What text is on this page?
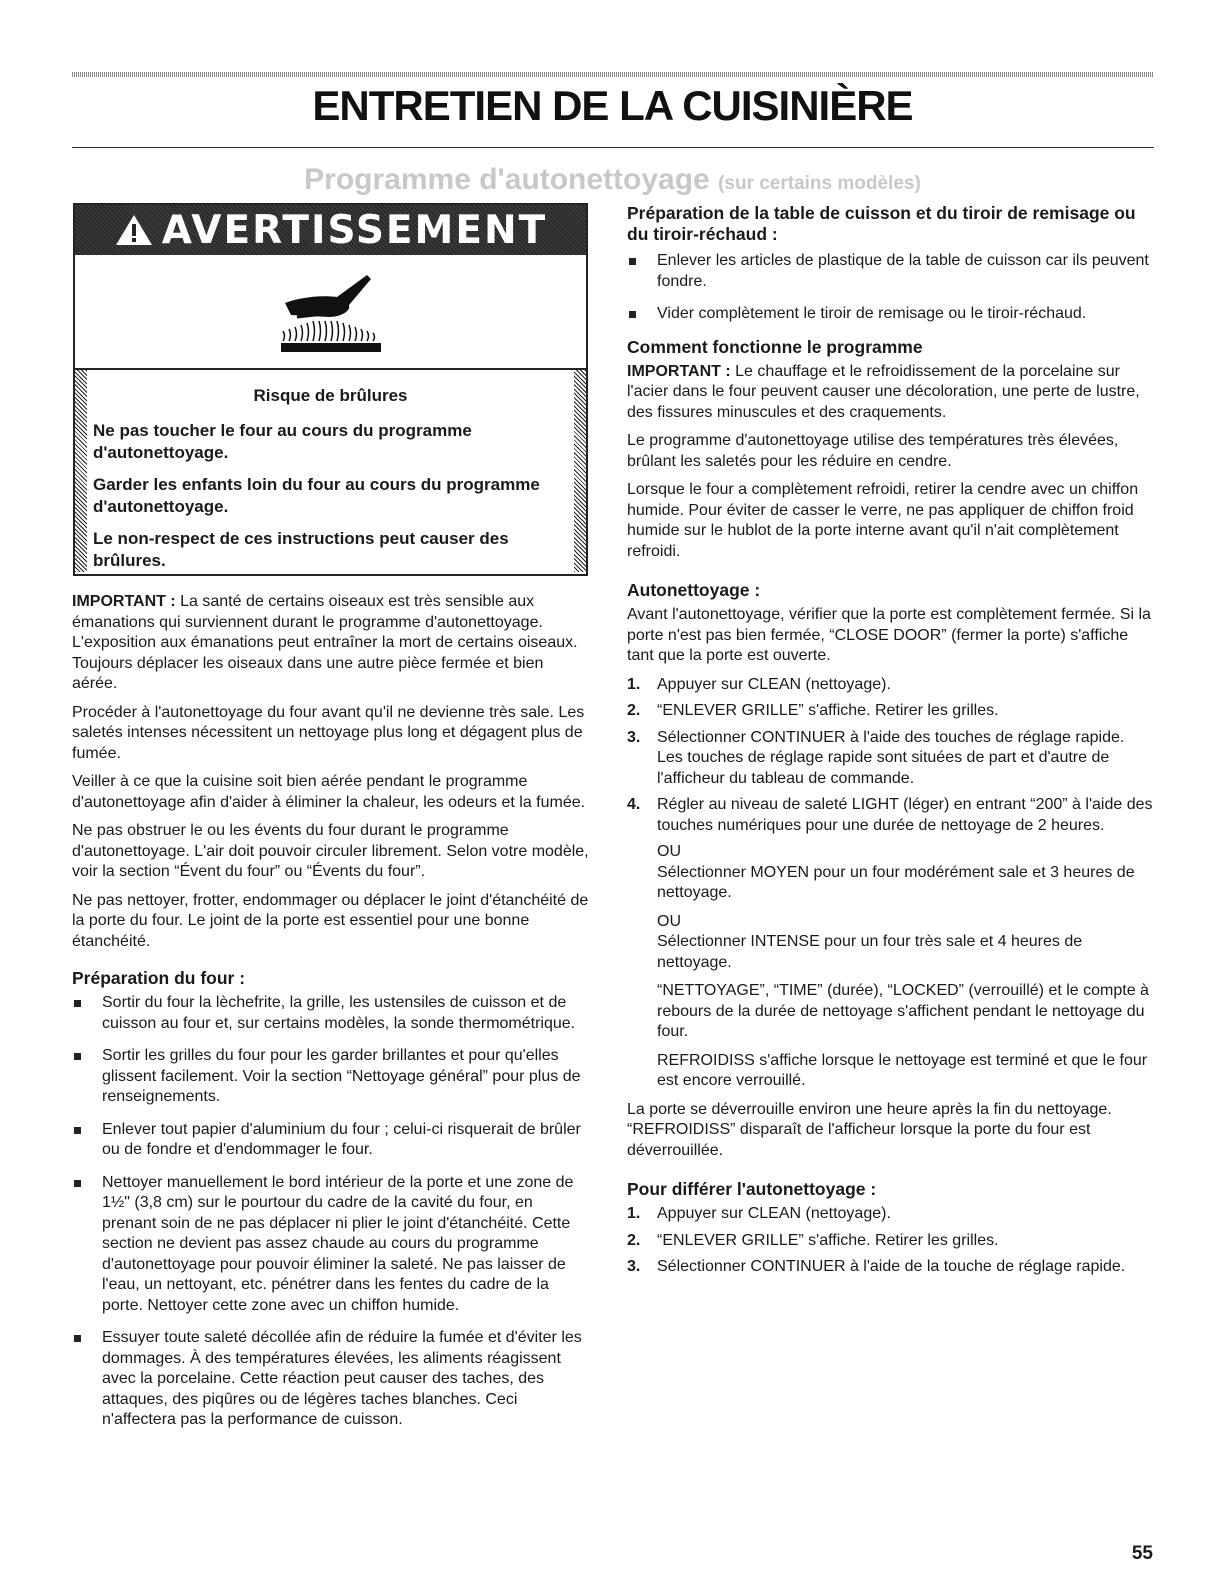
ENTRETIEN DE LA CUISINIÈRE
Programme d'autonettoyage (sur certains modèles)
AVERTISSEMENT

Risque de brûlures

Ne pas toucher le four au cours du programme d'autonettoyage.

Garder les enfants loin du four au cours du programme d'autonettoyage.

Le non-respect de ces instructions peut causer des brûlures.

IMPORTANT : La santé de certains oiseaux est très sensible aux émanations qui surviennent durant le programme d'autonettoyage. L'exposition aux émanations peut entraîner la mort de certains oiseaux. Toujours déplacer les oiseaux dans une autre pièce fermée et bien aérée.

Procéder à l'autonettoyage du four avant qu'il ne devienne très sale. Les saletés intenses nécessitent un nettoyage plus long et dégagent plus de fumée.

Veiller à ce que la cuisine soit bien aérée pendant le programme d'autonettoyage afin d'aider à éliminer la chaleur, les odeurs et la fumée.

Ne pas obstruer le ou les évents du four durant le programme d'autonettoyage. L'air doit pouvoir circuler librement. Selon votre modèle, voir la section “Évent du four” ou “Évents du four”.

Ne pas nettoyer, frotter, endommager ou déplacer le joint d'étanchéité de la porte du four. Le joint de la porte est essentiel pour une bonne étanchéité.

Préparation du four :

Sortir du four la lèchefrite, la grille, les ustensiles de cuisson et de cuisson au four et, sur certains modèles, la sonde thermométrique.
Sortir les grilles du four pour les garder brillantes et pour qu'elles glissent facilement. Voir la section “Nettoyage général” pour plus de renseignements.
Enlever tout papier d'aluminium du four ; celui-ci risquerait de brûler ou de fondre et d'endommager le four.
Nettoyer manuellement le bord intérieur de la porte et une zone de 1½" (3,8 cm) sur le pourtour du cadre de la cavité du four, en prenant soin de ne pas déplacer ni plier le joint d'étanchéité. Cette section ne devient pas assez chaude au cours du programme d'autonettoyage pour pouvoir éliminer la saleté. Ne pas laisser de l'eau, un nettoyant, etc. pénétrer dans les fentes du cadre de la porte. Nettoyer cette zone avec un chiffon humide.
Essuyer toute saleté décollée afin de réduire la fumée et d'éviter les dommages. À des températures élevées, les aliments réagissent avec la porcelaine. Cette réaction peut causer des taches, des attaques, des piqûres ou de légères taches blanches. Ceci n'affectera pas la performance de cuisson.

Préparation de la table de cuisson et du tiroir de remisage ou du tiroir-réchaud :

Enlever les articles de plastique de la table de cuisson car ils peuvent fondre.
Vider complètement le tiroir de remisage ou le tiroir-réchaud.

Comment fonctionne le programme

IMPORTANT : Le chauffage et le refroidissement de la porcelaine sur l'acier dans le four peuvent causer une décoloration, une perte de lustre, des fissures minuscules et des craquements.

Le programme d'autonettoyage utilise des températures très élevées, brûlant les saletés pour les réduire en cendre.

Lorsque le four a complètement refroidi, retirer la cendre avec un chiffon humide. Pour éviter de casser le verre, ne pas appliquer de chiffon froid humide sur le hublot de la porte interne avant qu'il n'ait complètement refroidi.

Autonettoyage :

Avant l'autonettoyage, vérifier que la porte est complètement fermée. Si la porte n'est pas bien fermée, “CLOSE DOOR” (fermer la porte) s'affiche tant que la porte est ouverte.

1. Appuyer sur CLEAN (nettoyage).
2. “ENLEVER GRILLE” s'affiche. Retirer les grilles.
3. Sélectionner CONTINUER à l'aide des touches de réglage rapide. Les touches de réglage rapide sont situées de part et d'autre de l'afficheur du tableau de commande.
4. Régler au niveau de saleté LIGHT (léger) en entrant “200” à l'aide des touches numériques pour une durée de nettoyage de 2 heures.

OU

Sélectionner MOYEN pour un four modérément sale et 3 heures de nettoyage.

OU

Sélectionner INTENSE pour un four très sale et 4 heures de nettoyage.

“NETTOYAGE”, “TIME” (durée), “LOCKED” (verrouillé) et le compte à rebours de la durée de nettoyage s'affichent pendant le nettoyage du four.

REFROIDISS s'affiche lorsque le nettoyage est terminé et que le four est encore verrouillé.

La porte se déverrouille environ une heure après la fin du nettoyage. “REFROIDISS” disparaît de l'afficheur lorsque la porte du four est déverrouillée.

Pour différer l'autonettoyage :

1. Appuyer sur CLEAN (nettoyage).
2. “ENLEVER GRILLE” s'affiche. Retirer les grilles.
3. Sélectionner CONTINUER à l'aide de la touche de réglage rapide.
55
